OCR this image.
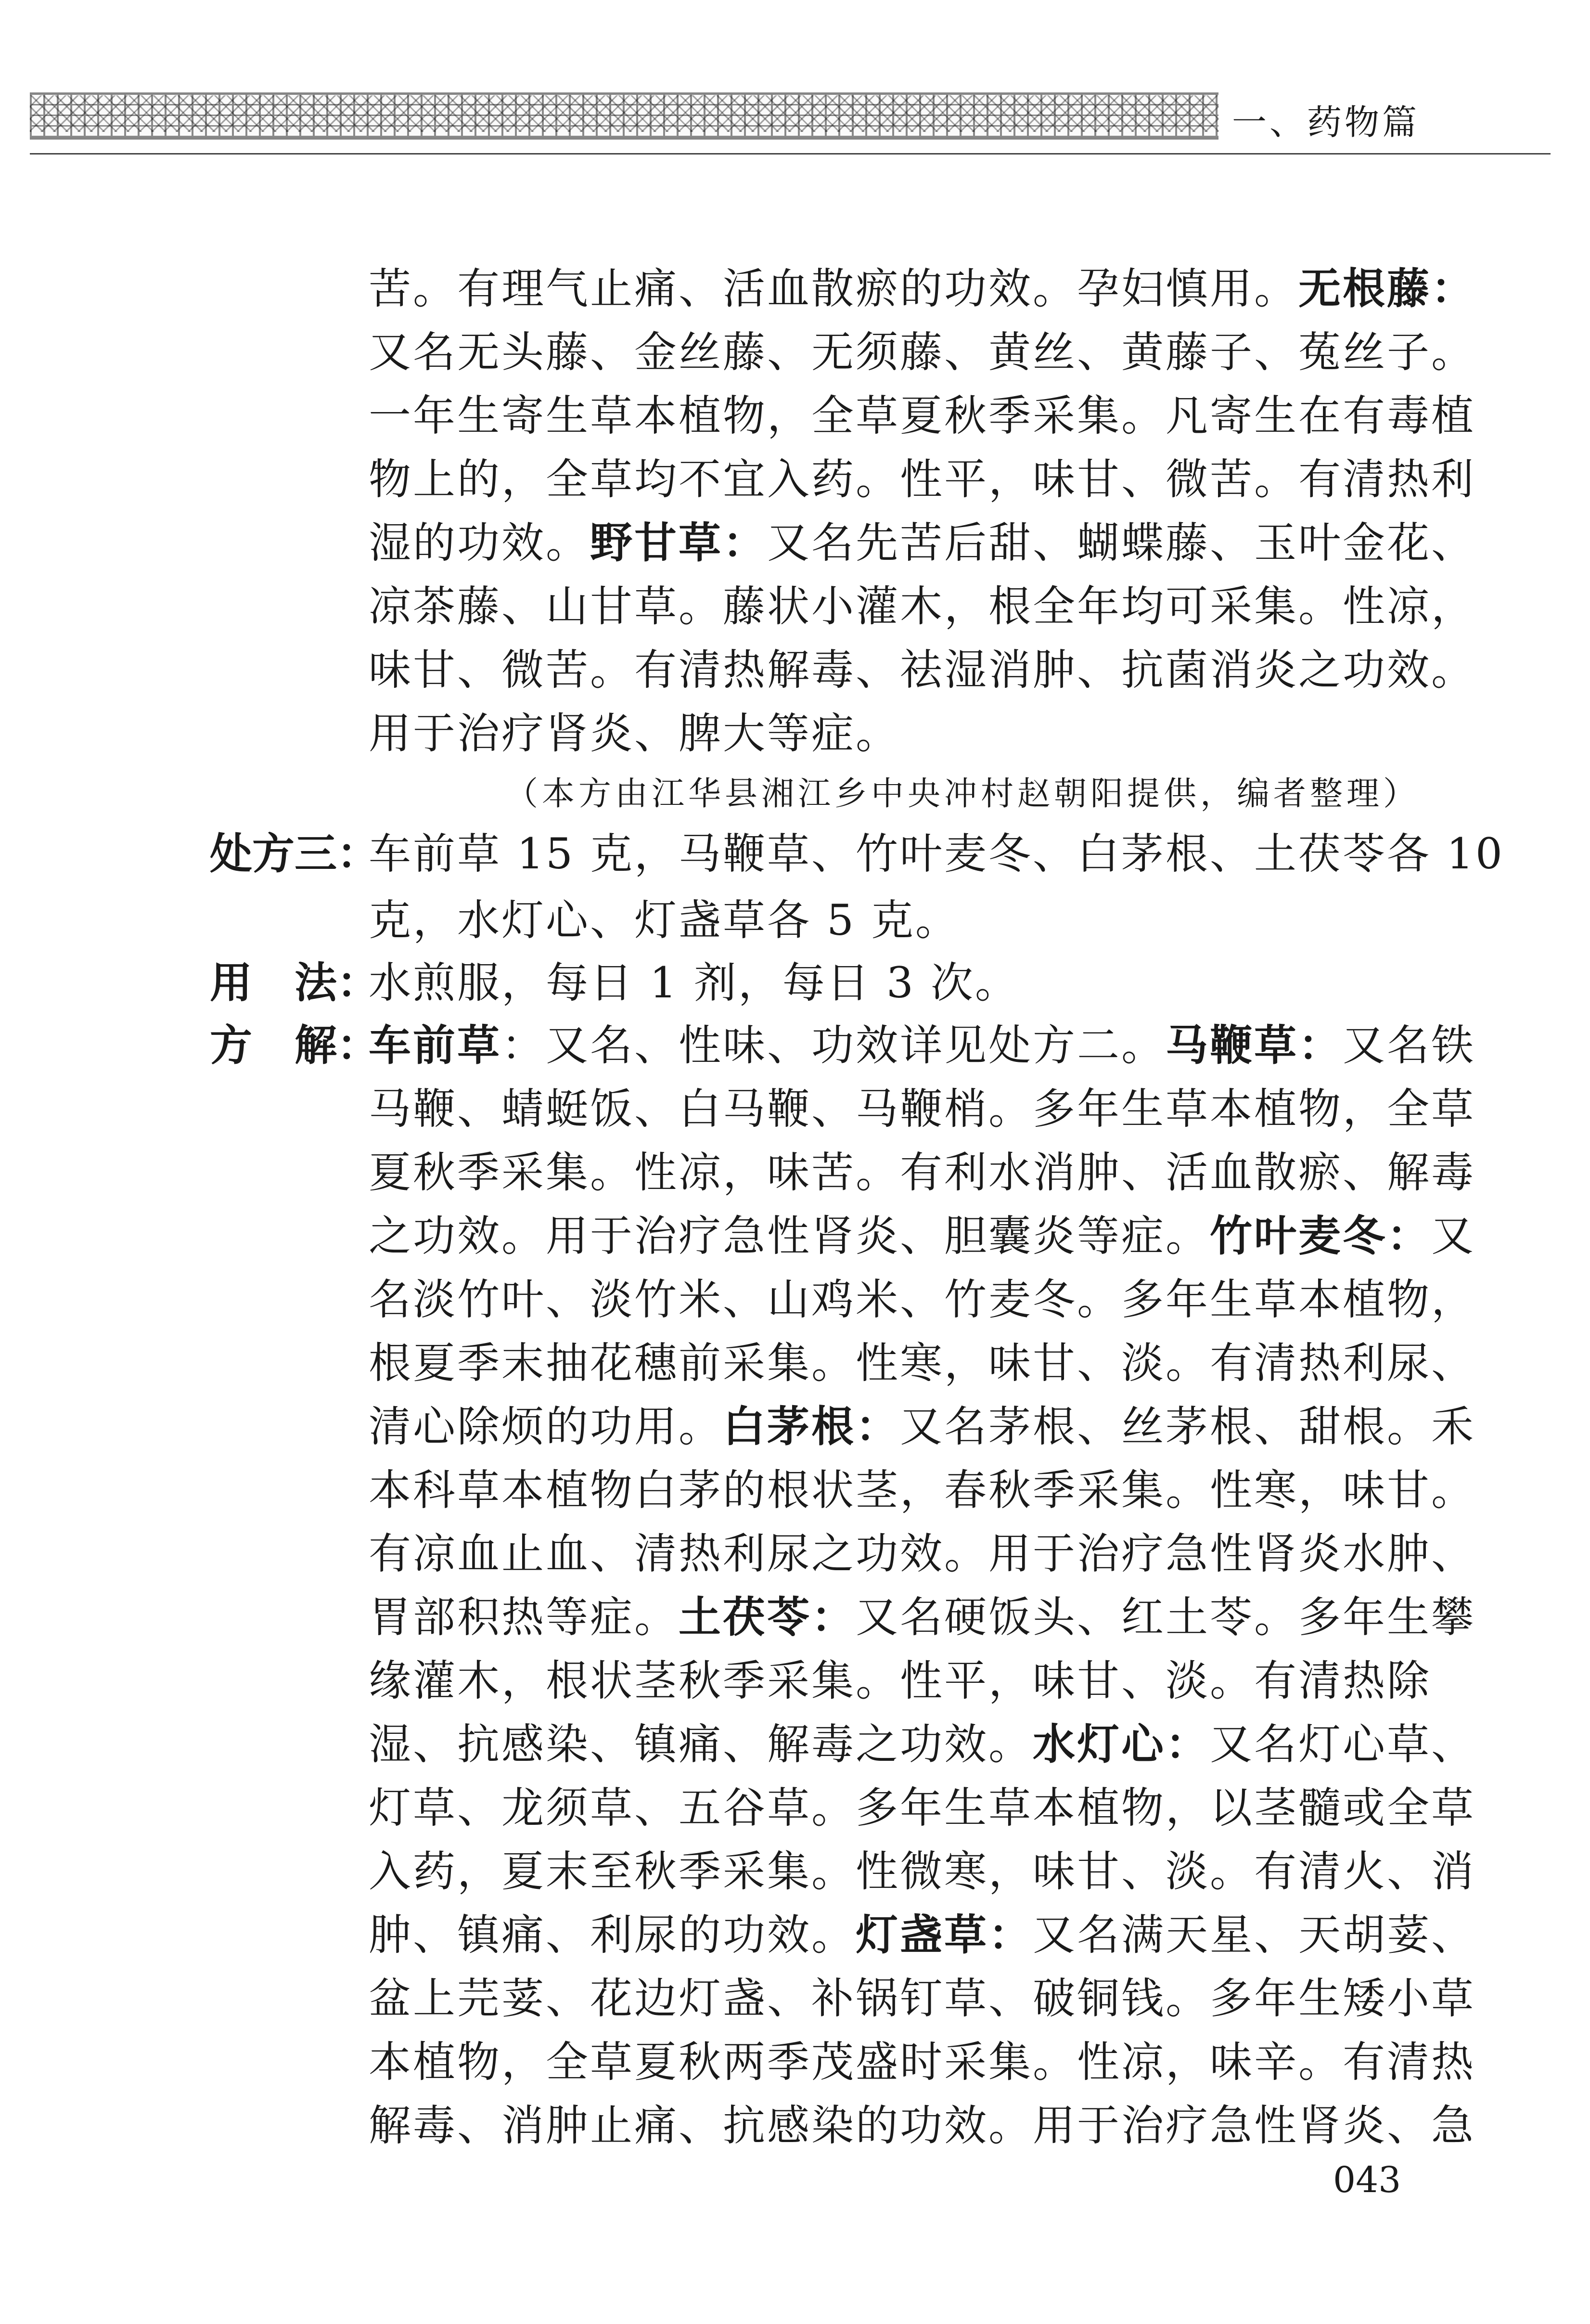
一、药物篇
苦。有理气止痛、活血散瘀的功效。孕妇慎用。无根藤：
又名无头藤、金丝藤、无须藤、黄丝、黄藤子、菟丝子。
一年生寄生草本植物，全草夏秋季采集。凡寄生在有毒植
物上的，全草均不宜入药。性平，味甘、微苦。有清热利
湿的功效。野甘草：又名先苦后甜、蝴蝶藤、玉叶金花、
凉茶藤、山甘草。藤状小灌木，根全年均可采集。性凉，
味甘、微苦。有清热解毒、祛湿消肿、抗菌消炎之功效。
用于治疗肾炎、脾大等症。
（本方由江华县湘江乡中央冲村赵朝阳提供，编者整理）
处方三：
车前草 15 克，马鞭草、竹叶麦冬、白茅根、土茯苓各 10
克，水灯心、灯盏草各 5 克。
用　法：
水煎服，每日 1 剂，每日 3 次。
方　解：
车前草：又名、性味、功效详见处方二。马鞭草：又名铁
马鞭、蜻蜓饭、白马鞭、马鞭梢。多年生草本植物，全草
夏秋季采集。性凉，味苦。有利水消肿、活血散瘀、解毒
之功效。用于治疗急性肾炎、胆囊炎等症。竹叶麦冬：又
名淡竹叶、淡竹米、山鸡米、竹麦冬。多年生草本植物，
根夏季末抽花穗前采集。性寒，味甘、淡。有清热利尿、
清心除烦的功用。白茅根：又名茅根、丝茅根、甜根。禾
本科草本植物白茅的根状茎，春秋季采集。性寒，味甘。
有凉血止血、清热利尿之功效。用于治疗急性肾炎水肿、
胃部积热等症。土茯苓：又名硬饭头、红土苓。多年生攀
缘灌木，根状茎秋季采集。性平，味甘、淡。有清热除
湿、抗感染、镇痛、解毒之功效。水灯心：又名灯心草、
灯草、龙须草、五谷草。多年生草本植物，以茎髓或全草
入药，夏末至秋季采集。性微寒，味甘、淡。有清火、消
肿、镇痛、利尿的功效。灯盏草：又名满天星、天胡荽、
盆上芫荽、花边灯盏、补锅钉草、破铜钱。多年生矮小草
本植物，全草夏秋两季茂盛时采集。性凉，味辛。有清热
解毒、消肿止痛、抗感染的功效。用于治疗急性肾炎、急
043
